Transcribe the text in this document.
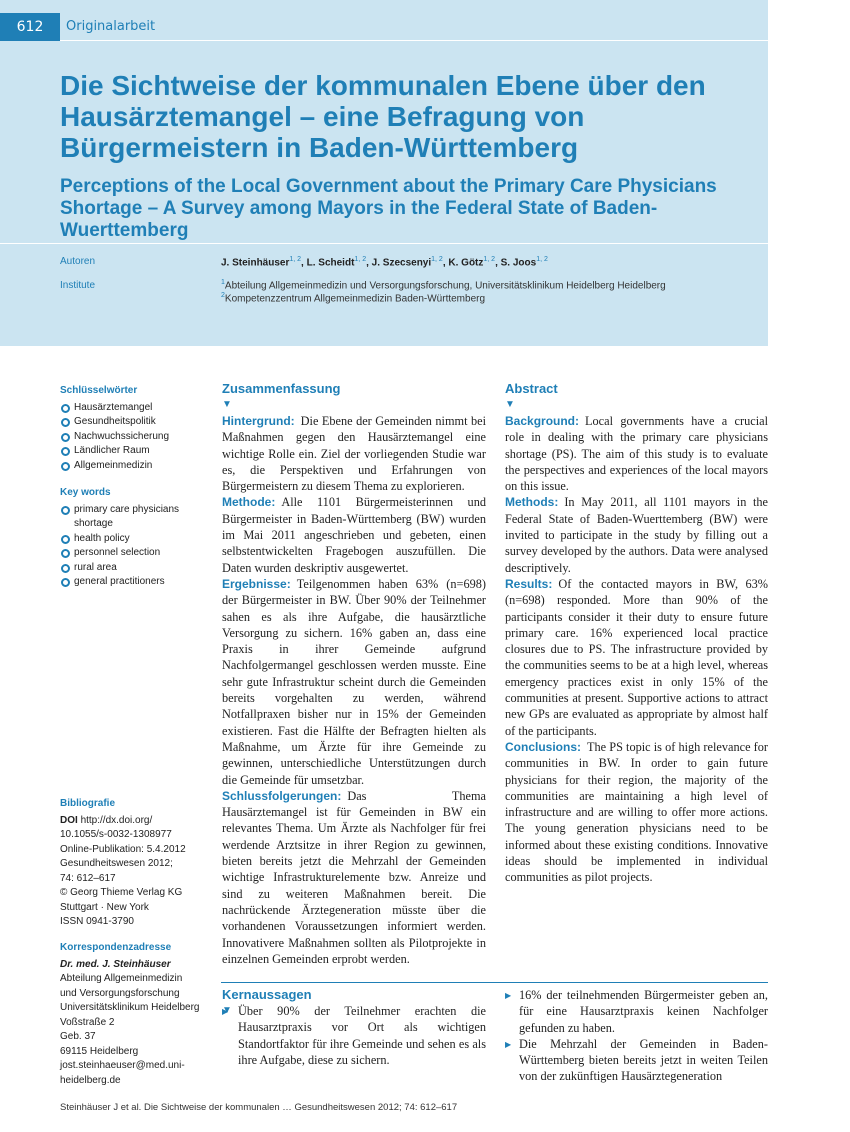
612	Originalarbeit
Die Sichtweise der kommunalen Ebene über den Hausärztemangel – eine Befragung von Bürgermeistern in Baden-Württemberg
Perceptions of the Local Government about the Primary Care Physicians Shortage – A Survey among Mayors in the Federal State of Baden-Wuerttemberg
Autoren	J. Steinhäuser$^{1, 2}$, L. Scheidt$^{1, 2}$, J. Szecsenyi$^{1, 2}$, K. Götz$^{1, 2}$, S. Joos$^{1, 2}$
Institute	$^1$Abteilung Allgemeinmedizin und Versorgungsforschung, Universitätsklinikum Heidelberg Heidelberg
$^2$Kompetenzzentrum Allgemeinmedizin Baden-Württemberg
Schlüsselwörter
Hausärztemangel
Gesundheitspolitik
Nachwuchssicherung
Ländlicher Raum
Allgemeinmedizin
Key words
primary care physicians shortage
health policy
personnel selection
rural area
general practitioners
Bibliografie
DOI http://dx.doi.org/
10.1055/s-0032-1308977
Online-Publikation: 5.4.2012
Gesundheitswesen 2012;
74: 612–617
© Georg Thieme Verlag KG
Stuttgart · New York
ISSN 0941-3790
Korrespondenzadresse
Dr. med. J. Steinhäuser
Abteilung Allgemeinmedizin
und Versorgungsforschung
Universitätsklinikum Heidelberg
Voßstraße 2
Geb. 37
69115 Heidelberg
jost.steinhaeuser@med.uni-
heidelberg.de
Zusammenfassung
▼

Hintergrund: Die Ebene der Gemeinden nimmt bei Maßnahmen gegen den Hausärztemangel eine wichtige Rolle ein. Ziel der vorliegenden Studie war es, die Perspektiven und Erfahrungen von Bürgermeistern zu diesem Thema zu explorieren.

Methode: Alle 1101 Bürgermeisterinnen und Bürgermeister in Baden-Württemberg (BW) wurden im Mai 2011 angeschrieben und gebeten, einen selbstentwickelten Fragebogen auszufüllen. Die Daten wurden deskriptiv ausgewertet.

Ergebnisse: Teilgenommen haben 63% (n=698) der Bürgermeister in BW. Über 90% der Teilnehmer sahen es als ihre Aufgabe, die hausärztliche Versorgung zu sichern. 16% gaben an, dass eine Praxis in ihrer Gemeinde aufgrund Nachfolgermangel geschlossen werden musste. Eine sehr gute Infrastruktur scheint durch die Gemeinden bereits vorgehalten zu werden, während Notfallpraxen bisher nur in 15% der Gemeinden existieren. Fast die Hälfte der Befragten hielten als Maßnahme, um Ärzte für ihre Gemeinde zu gewinnen, unterschiedliche Unterstützungen durch die Gemeinde für umsetzbar.

Schlussfolgerungen: Das Thema Hausärztemangel ist für Gemeinden in BW ein relevantes Thema. Um Ärzte als Nachfolger für frei werdende Arztsitze in ihrer Region zu gewinnen, bieten bereits jetzt die Mehrzahl der Gemeinden wichtige Infrastrukturelemente bzw. Anreize und sind zu weiteren Maßnahmen bereit. Die nachrückende Ärztegeneration müsste über die vorhandenen Voraussetzungen informiert werden. Innovativere Maßnahmen sollten als Pilotprojekte in einzelnen Gemeinden erprobt werden.

Abstract
▼

Background: Local governments have a crucial role in dealing with the primary care physicians shortage (PS). The aim of this study is to evaluate the perspectives and experiences of the local mayors on this issue.

Methods: In May 2011, all 1101 mayors in the Federal State of Baden-Wuerttemberg (BW) were invited to participate in the study by filling out a survey developed by the authors. Data were analysed descriptively.

Results: Of the contacted mayors in BW, 63% (n=698) responded. More than 90% of the participants consider it their duty to ensure future primary care. 16% experienced local practice closures due to PS. The infrastructure provided by the communities seems to be at a high level, whereas emergency practices exist in only 15% of the communities at present. Supportive actions to attract new GPs are evaluated as appropriate by almost half of the participants.

Conclusions: The PS topic is of high relevance for communities in BW. In order to gain future physicians for their region, the majority of the communities are maintaining a high level of infrastructure and are willing to offer more actions. The young generation physicians need to be informed about these existing conditions. Innovative ideas should be implemented in individual communities as pilot projects.

Kernaussagen
▼
▶ Über 90% der Teilnehmer erachten die Hausarztpraxis vor Ort als wichtigen Standortfaktor für ihre Gemeinde und sehen es als ihre Aufgabe, diese zu sichern.
▶ 16% der teilnehmenden Bürgermeister geben an, für eine Hausarztpraxis keinen Nachfolger gefunden zu haben.
▶ Die Mehrzahl der Gemeinden in Baden-Württemberg bieten bereits jetzt in weiten Teilen von der zukünftigen Hausärztegeneration
Steinhäuser J et al. Die Sichtweise der kommunalen … Gesundheitswesen 2012; 74: 612–617
